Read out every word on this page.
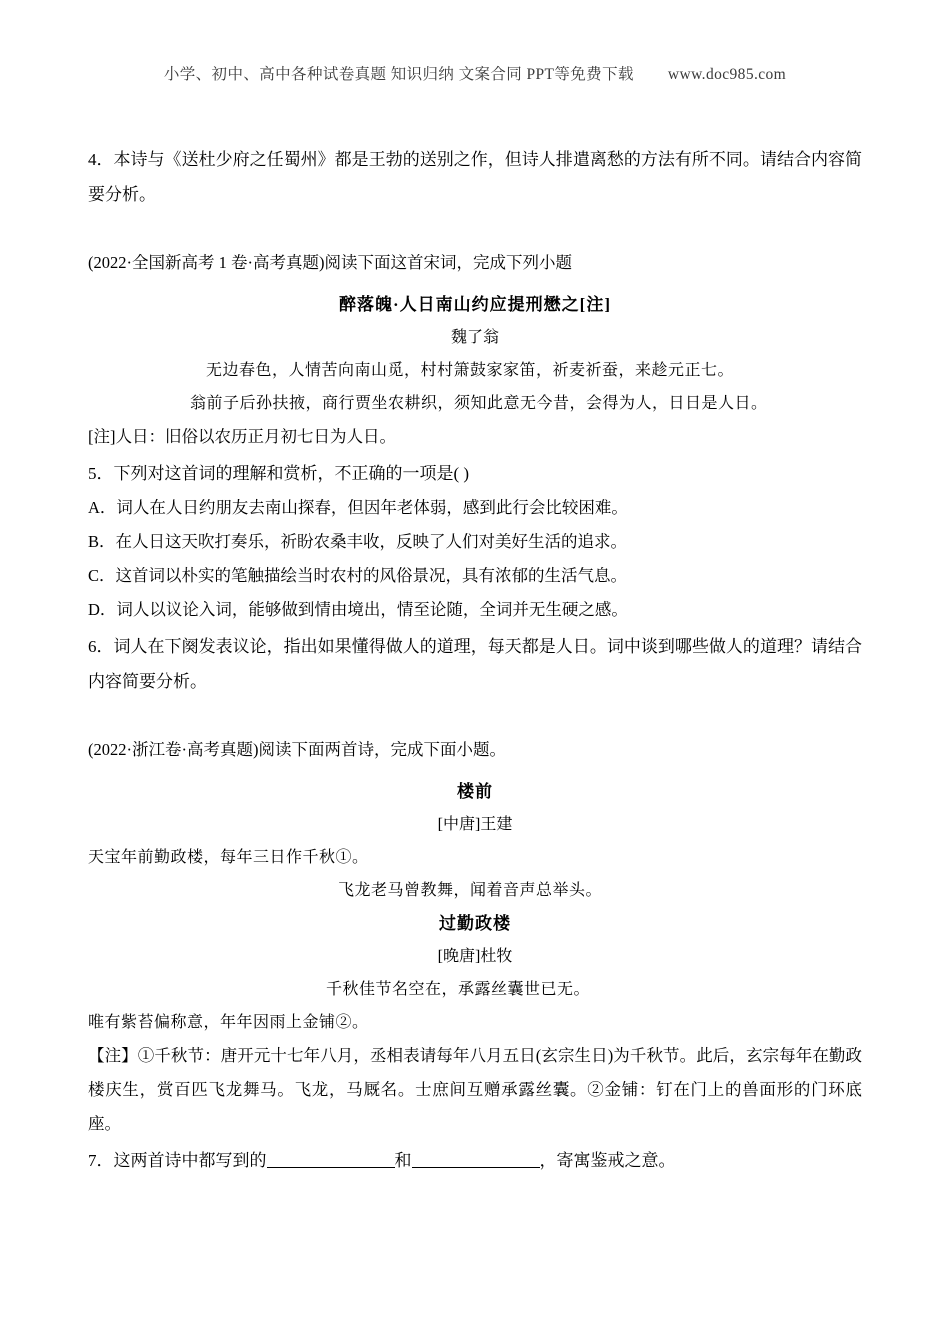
小学、初中、高中各种试卷真题 知识归纳 文案合同 PPT等免费下载 www.doc985.com

4．本诗与《送杜少府之任蜀州》都是王勃的送别之作，但诗人排遣离愁的方法有所不同。请结合内容简要分析。

(2022·全国新高考 1 卷·高考真题)阅读下面这首宋词，完成下列小题

醉落魄·人日南山约应提刑懋之[注]

魏了翁

无边春色，人情苦向南山觅，村村箫鼓家家笛，祈麦祈蚕，来趁元正七。

翁前子后孙扶掖，商行贾坐农耕织，须知此意无今昔，会得为人，日日是人日。

[注]人日：旧俗以农历正月初七日为人日。

5．下列对这首词的理解和赏析，不正确的一项是( )

A．词人在人日约朋友去南山探春，但因年老体弱，感到此行会比较困难。

B．在人日这天吹打奏乐，祈盼农桑丰收，反映了人们对美好生活的追求。

C．这首词以朴实的笔触描绘当时农村的风俗景况，具有浓郁的生活气息。

D．词人以议论入词，能够做到情由境出，情至论随，全词并无生硬之感。

6．词人在下阕发表议论，指出如果懂得做人的道理，每天都是人日。词中谈到哪些做人的道理？请结合内容简要分析。

(2022·浙江卷·高考真题)阅读下面两首诗，完成下面小题。

楼前

[中唐]王建

天宝年前勤政楼，每年三日作千秋①。

飞龙老马曾教舞，闻着音声总举头。

过勤政楼

[晚唐]杜牧

千秋佳节名空在，承露丝囊世已无。

唯有紫苔偏称意，年年因雨上金铺②。

【注】①千秋节：唐开元十七年八月，丞相表请每年八月五日(玄宗生日)为千秋节。此后，玄宗每年在勤政楼庆生，赏百匹飞龙舞马。飞龙，马厩名。士庶间互赠承露丝囊。②金铺：钉在门上的兽面形的门环底座。

7．这两首诗中都写到的	和	，寄寓鉴戒之意。
